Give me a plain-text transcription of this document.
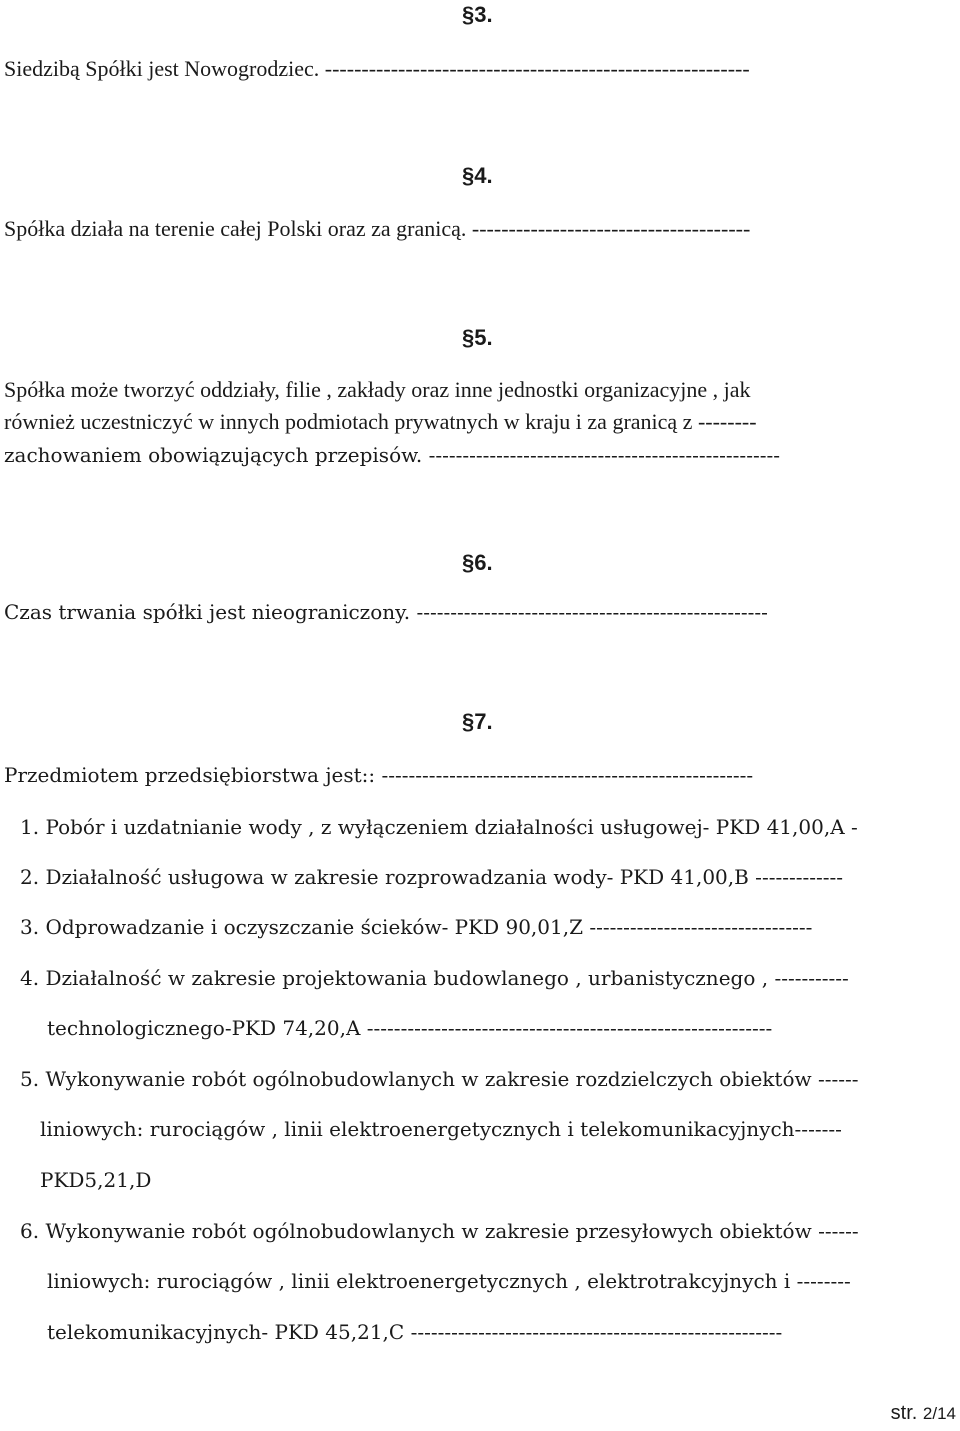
§3.
Siedzibą Spółki jest Nowogrodziec. ----------------------------------------------------------
§4.
Spółka działa na terenie całej Polski oraz za granicą. --------------------------------------
§5.
Spółka może tworzyć oddziały, filie , zakłady oraz inne jednostki organizacyjne , jak
również uczestniczyć w innych podmiotach prywatnych w kraju i za granicą z --------
zachowaniem obowiązujących przepisów. ----------------------------------------------------
§6.
Czas trwania spółki jest nieograniczony. ----------------------------------------------------
§7.
Przedmiotem przedsiębiorstwa jest:: -------------------------------------------------------
1. Pobór i uzdatnianie wody , z wyłączeniem działalności usługowej- PKD 41,00,A -
2. Działalność usługowa w zakresie rozprowadzania wody- PKD 41,00,B -------------
3. Odprowadzanie i oczyszczanie ścieków- PKD 90,01,Z ---------------------------------
4. Działalność w zakresie projektowania budowlanego , urbanistycznego , -----------
technologicznego-PKD 74,20,A ------------------------------------------------------------
5. Wykonywanie robót ogólnobudowlanych w zakresie rozdzielczych obiektów ------
liniowych: rurociągów , linii elektroenergetycznych i telekomunikacyjnych-------
PKD5,21,D
6. Wykonywanie robót ogólnobudowlanych w zakresie przesyłowych obiektów ------
liniowych: rurociągów , linii elektroenergetycznych , elektrotrakcyjnych i --------
telekomunikacyjnych- PKD 45,21,C -------------------------------------------------------
str. 2/14
